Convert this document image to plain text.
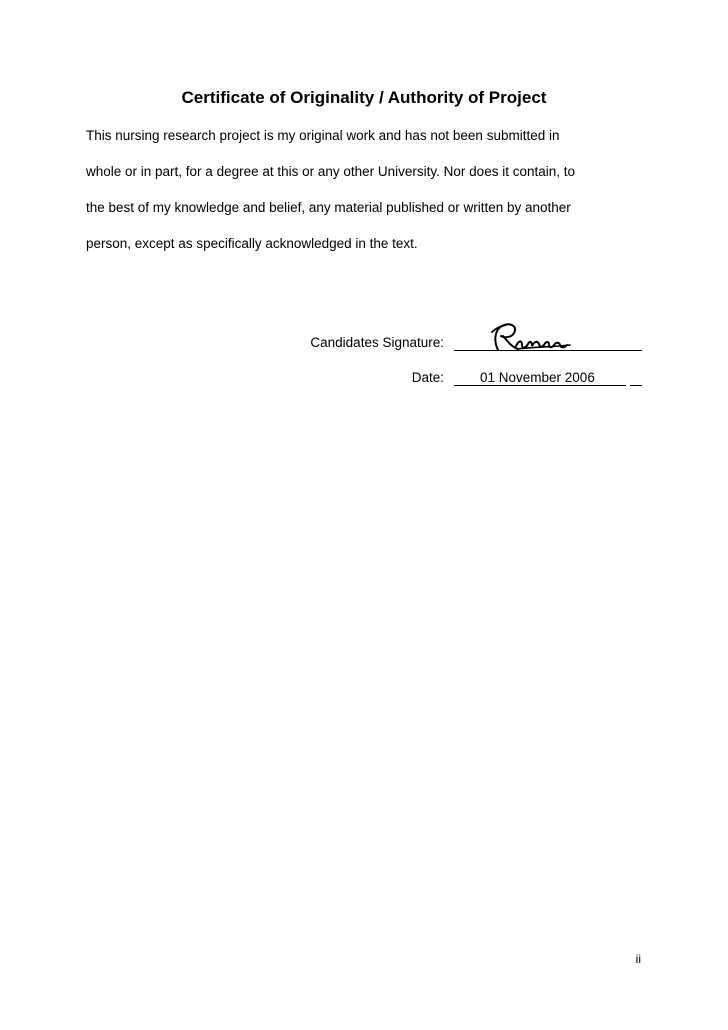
Certificate of Originality / Authority of Project
This nursing research project is my original work and has not been submitted in
whole or in part, for a degree at this or any other University. Nor does it contain, to
the best of my knowledge and belief, any material published or written by another
person, except as specifically acknowledged in the text.
Candidates Signature:
Date:	01 November 2006
ii
